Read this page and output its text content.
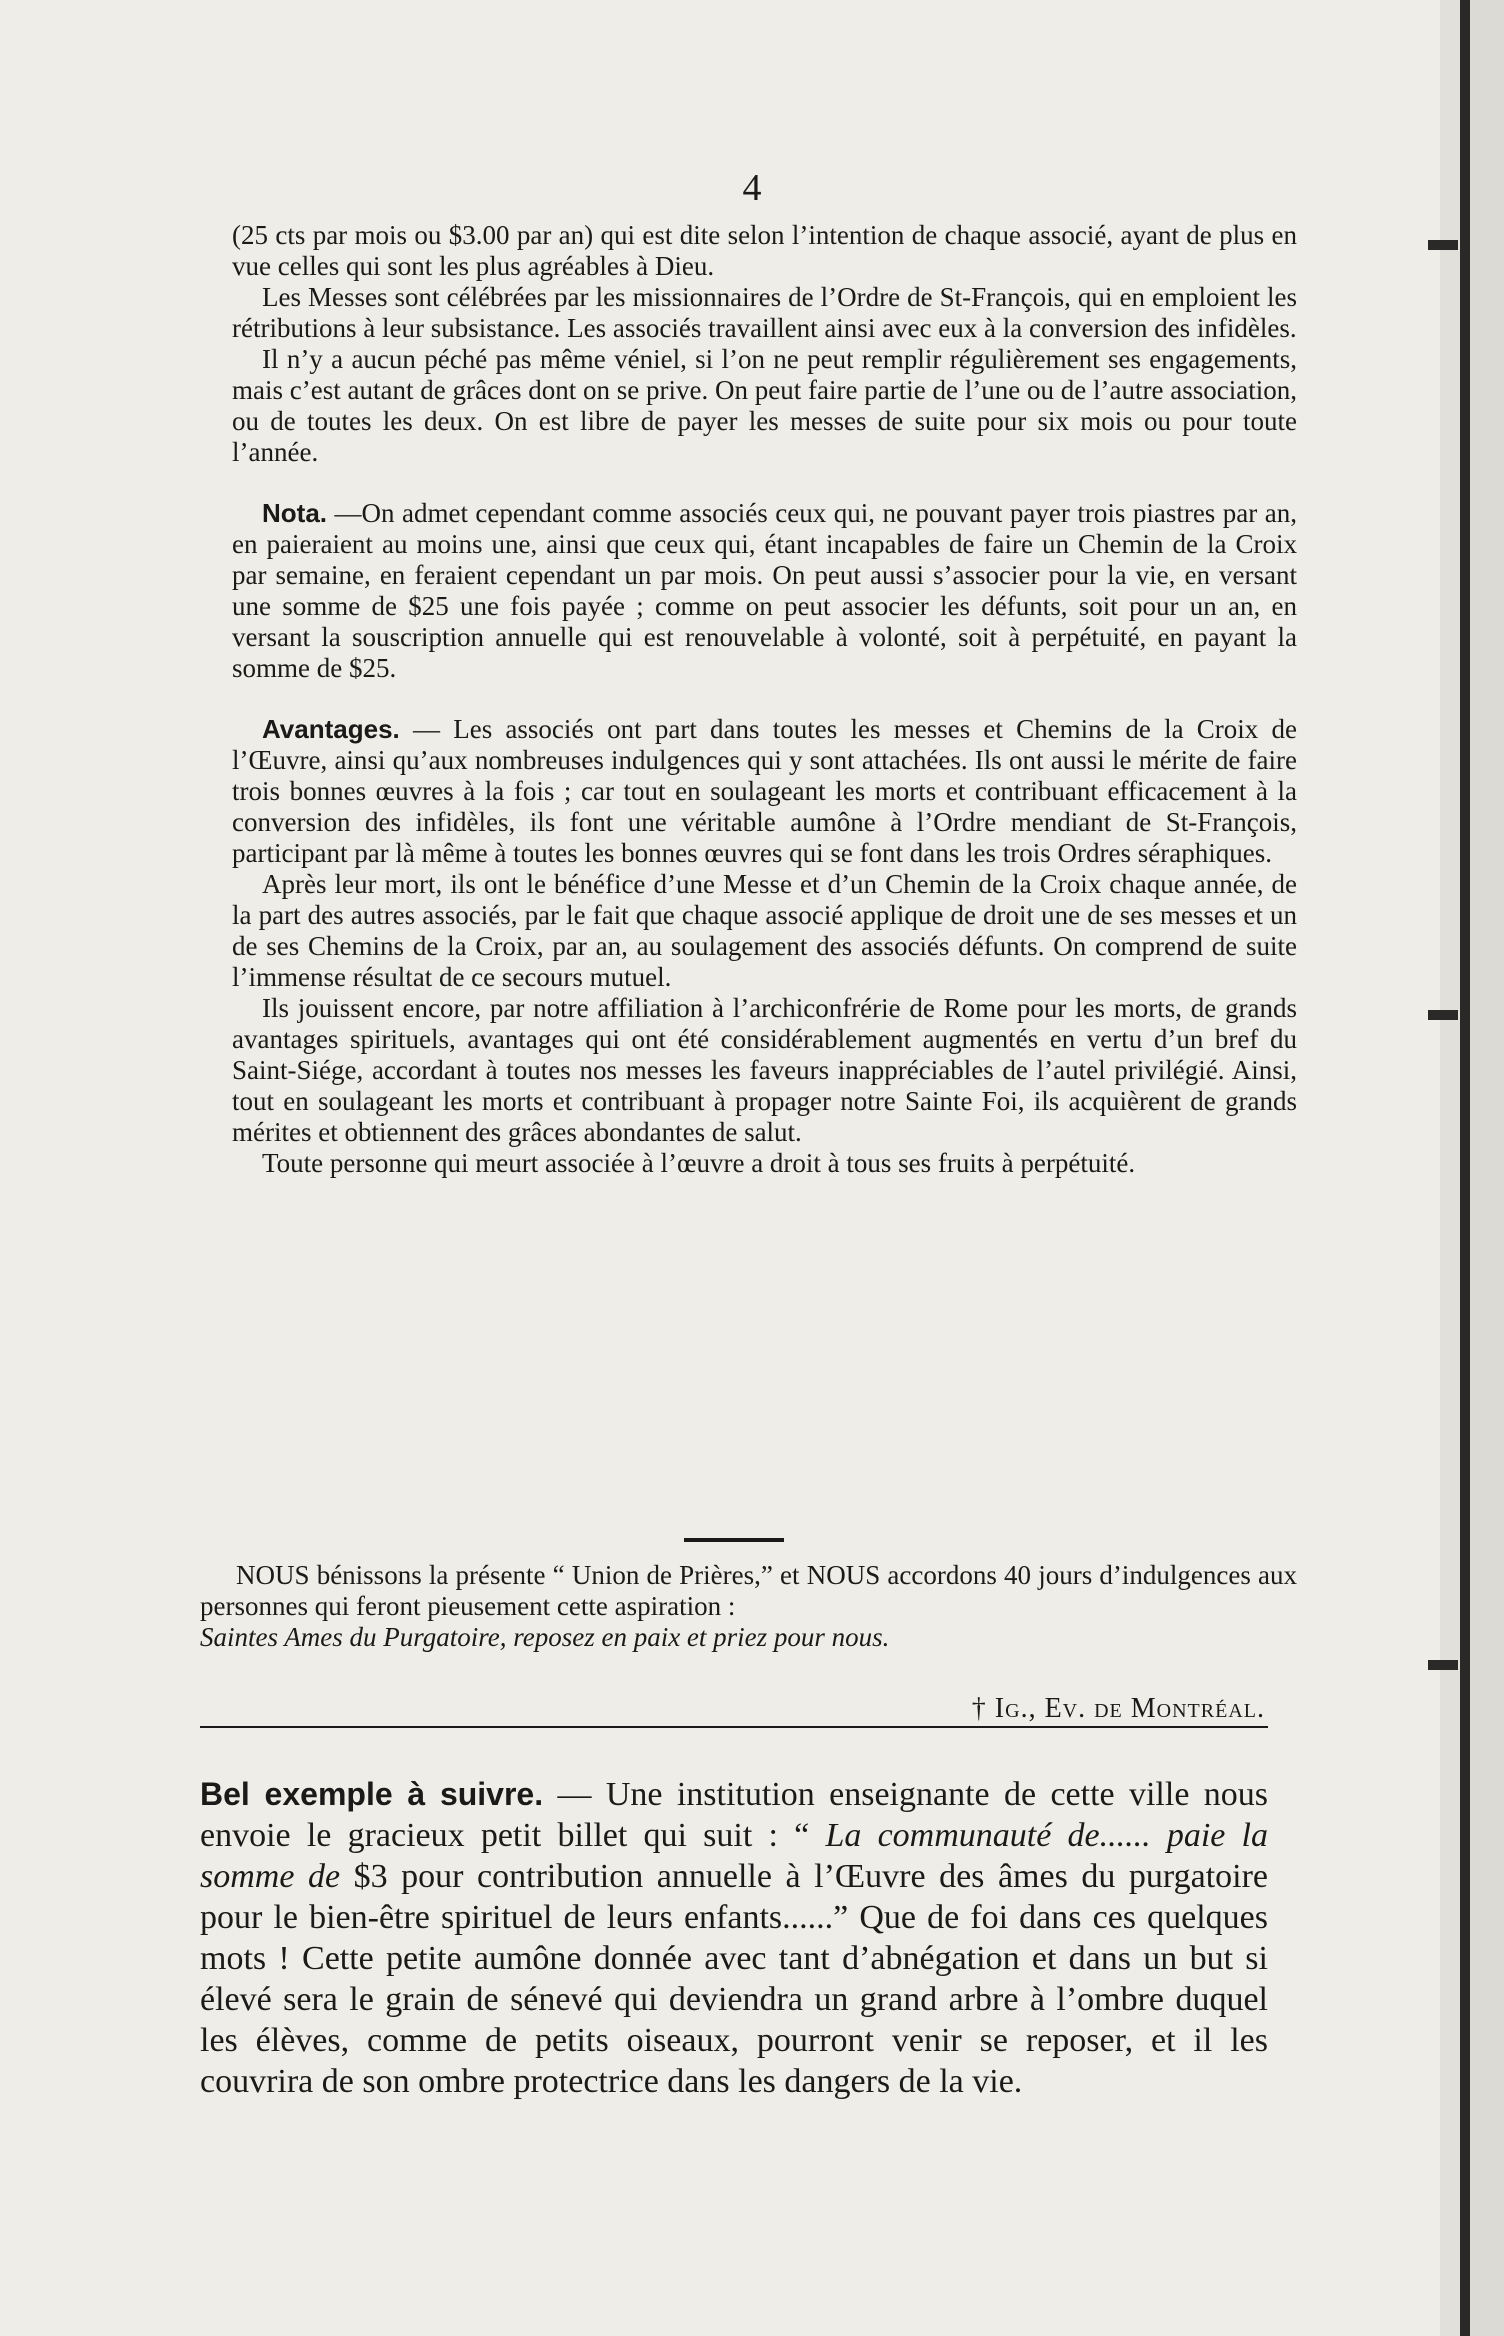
4

(25 cts par mois ou $3.00 par an) qui est dite selon l’intention de chaque associé, ayant de plus en vue celles qui sont les plus agréables à Dieu.

Les Messes sont célébrées par les missionnaires de l’Ordre de St-François, qui en emploient les rétributions à leur subsistance. Les associés travaillent ainsi avec eux à la conversion des infidèles.

Il n’y a aucun péché pas même véniel, si l’on ne peut remplir régulièrement ses engagements, mais c’est autant de grâces dont on se prive. On peut faire partie de l’une ou de l’autre association, ou de toutes les deux. On est libre de payer les messes de suite pour six mois ou pour toute l’année.

Nota. —On admet cependant comme associés ceux qui, ne pouvant payer trois piastres par an, en paieraient au moins une, ainsi que ceux qui, étant incapables de faire un Chemin de la Croix par semaine, en feraient cependant un par mois. On peut aussi s’associer pour la vie, en versant une somme de $25 une fois payée ; comme on peut associer les défunts, soit pour un an, en versant la souscription annuelle qui est renouvelable à volonté, soit à perpétuité, en payant la somme de $25.

Avantages. — Les associés ont part dans toutes les messes et Chemins de la Croix de l’Œuvre, ainsi qu’aux nombreuses indulgences qui y sont attachées. Ils ont aussi le mérite de faire trois bonnes œuvres à la fois ; car tout en soulageant les morts et contribuant efficacement à la conversion des infidèles, ils font une véritable aumône à l’Ordre mendiant de St-François, participant par là même à toutes les bonnes œuvres qui se font dans les trois Ordres séraphiques.

Après leur mort, ils ont le bénéfice d’une Messe et d’un Chemin de la Croix chaque année, de la part des autres associés, par le fait que chaque associé applique de droit une de ses messes et un de ses Chemins de la Croix, par an, au soulagement des associés défunts. On comprend de suite l’immense résultat de ce secours mutuel.

Ils jouissent encore, par notre affiliation à l’archiconfrérie de Rome pour les morts, de grands avantages spirituels, avantages qui ont été considérablement augmentés en vertu d’un bref du Saint-Siége, accordant à toutes nos messes les faveurs inappréciables de l’autel privilégié. Ainsi, tout en soulageant les morts et contribuant à propager notre Sainte Foi, ils acquièrent de grands mérites et obtiennent des grâces abondantes de salut.

Toute personne qui meurt associée à l’œuvre a droit à tous ses fruits à perpétuité.

NOUS bénissons la présente “ Union de Prières,” et NOUS accordons 40 jours d’indulgences aux personnes qui feront pieusement cette aspiration :

Saintes Ames du Purgatoire, reposez en paix et priez pour nous.

† Ig., Ev. de Montréal.

Bel exemple à suivre. — Une institution enseignante de cette ville nous envoie le gracieux petit billet qui suit : “ La communauté de...... paie la somme de $3 pour contribution annuelle à l’Œuvre des âmes du purgatoire pour le bien-être spirituel de leurs enfants......” Que de foi dans ces quelques mots ! Cette petite aumône donnée avec tant d’abnégation et dans un but si élevé sera le grain de sénevé qui deviendra un grand arbre à l’ombre duquel les élèves, comme de petits oiseaux, pourront venir se reposer, et il les couvrira de son ombre protectrice dans les dangers de la vie.
